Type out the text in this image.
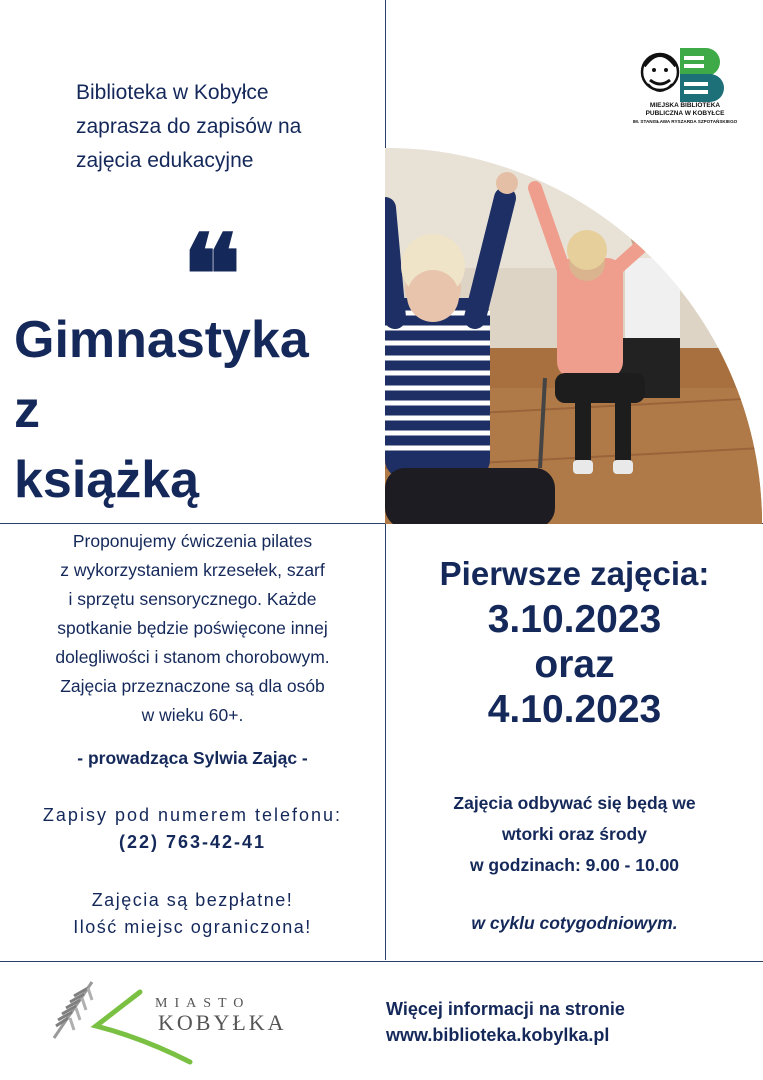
Biblioteka w Kobyłce
zaprasza do zapisów na
zajęcia edukacyjne
❝
Gimnastyka
z
książką
Proponujemy ćwiczenia pilates
z wykorzystaniem krzesełek, szarf
i sprzętu sensorycznego. Każde
spotkanie będzie poświęcone innej
dolegliwości i stanom chorobowym.
Zajęcia przeznaczone są dla osób
w wieku 60+.
- prowadząca Sylwia Zając -
Zapisy pod numerem telefonu:
(22) 763-42-41
Zajęcia są bezpłatne!
Ilość miejsc ograniczona!
Pierwsze zajęcia:
3.10.2023
oraz
4.10.2023
Zajęcia odbywać się będą we
wtorki oraz środy
w godzinach: 9.00 - 10.00
w cyklu cotygodniowym.
MIEJSKA BIBLIOTEKA
PUBLICZNA W KOBYŁCE
IM. STANISŁAWA RYSZARDA SZPOTAŃSKIEGO
MIASTO
KOBYŁKA
Więcej informacji na stronie
www.biblioteka.kobylka.pl
